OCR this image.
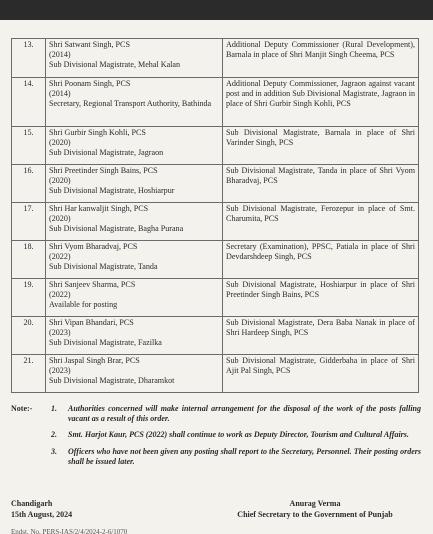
13.	Shri Satwant Singh, PCS
(2014)
Sub Divisional Magistrate, Mehal Kalan	Additional Deputy Commissioner (Rural Development), Barnala in place of Shri Manjit Singh Cheema, PCS
14.	Shri Poonam Singh, PCS
(2014)
Secretary, Regional Transport Authority, Bathinda	Additional Deputy Commissioner, Jagraon against vacant post and in addition Sub Divisional Magistrate, Jagraon in place of Shri Gurbir Singh Kohli, PCS
15.	Shri Gurbir Singh Kohli, PCS
(2020)
Sub Divisional Magistrate, Jagraon	Sub Divisional Magistrate, Barnala in place of Shri Varinder Singh, PCS
16.	Shri Preetinder Singh Bains, PCS
(2020)
Sub Divisional Magistrate, Hoshiarpur	Sub Divisional Magistrate, Tanda in place of Shri Vyom Bharadvaj, PCS
17.	Shri Har kanwaljit Singh, PCS
(2020)
Sub Divisional Magistrate, Bagha Purana	Sub Divisional Magistrate, Ferozepur in place of Smt. Charumita, PCS
18.	Shri Vyom Bharadvaj, PCS
(2022)
Sub Divisional Magistrate, Tanda	Secretary (Examination), PPSC, Patiala in place of Shri Devdarshdeep Singh, PCS
19.	Shri Sanjeev Sharma, PCS
(2022)
Available for posting	Sub Divisional Magistrate, Hoshiarpur in place of Shri Preetinder Singh Bains, PCS
20.	Shri Vipan Bhandari, PCS
(2023)
Sub Divisional Magistrate, Fazilka	Sub Divisional Magistrate, Dera Baba Nanak in place of Shri Hardeep Singh, PCS
21.	Shri Jaspal Singh Brar, PCS
(2023)
Sub Divisional Magistrate, Dharamkot	Sub Divisional Magistrate, Gidderbaha in place of Shri Ajit Pal Singh, PCS
Note:-	1.	Authorities concerned will make internal arrangement for the disposal of the work of the posts falling vacant as a result of this order.
2.	Smt. Harjot Kaur, PCS (2022) shall continue to work as Deputy Director, Tourism and Cultural Affairs.
3.	Officers who have not been given any posting shall report to the Secretary, Personnel. Their posting orders shall be issued later.
Chandigarh
15th August, 2024
Anurag Verma
Chief Secretary to the Government of Punjab
Endst. No. PERS-IAS/2/4/2024-2-6/1070
